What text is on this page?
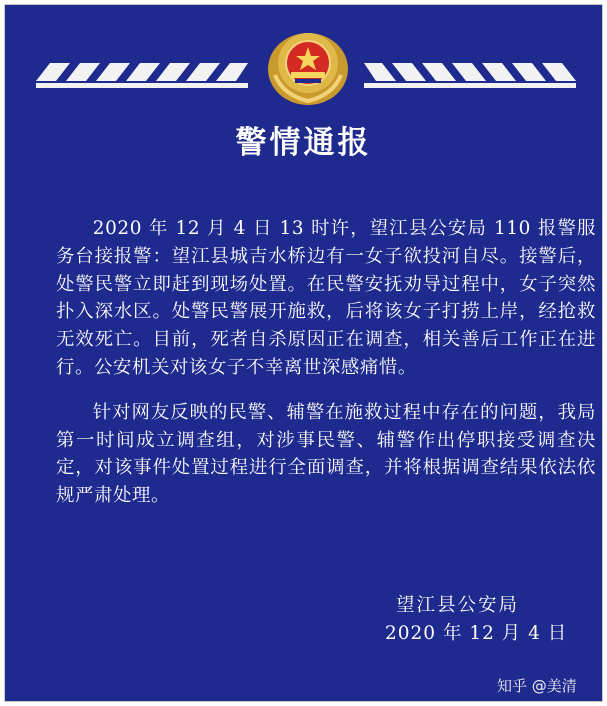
警情通报

2020 年 12 月 4 日 13 时许，望江县公安局 110 报警服务台接报警：望江县城吉水桥边有一女子欲投河自尽。接警后，处警民警立即赶到现场处置。在民警安抚劝导过程中，女子突然扑入深水区。处警民警展开施救，后将该女子打捞上岸，经抢救无效死亡。目前，死者自杀原因正在调查，相关善后工作正在进行。公安机关对该女子不幸离世深感痛惜。

针对网友反映的民警、辅警在施救过程中存在的问题，我局第一时间成立调查组，对涉事民警、辅警作出停职接受调查决定，对该事件处置过程进行全面调查，并将根据调查结果依法依规严肃处理。

望江县公安局
2020 年 12 月 4 日
知乎 @美清
